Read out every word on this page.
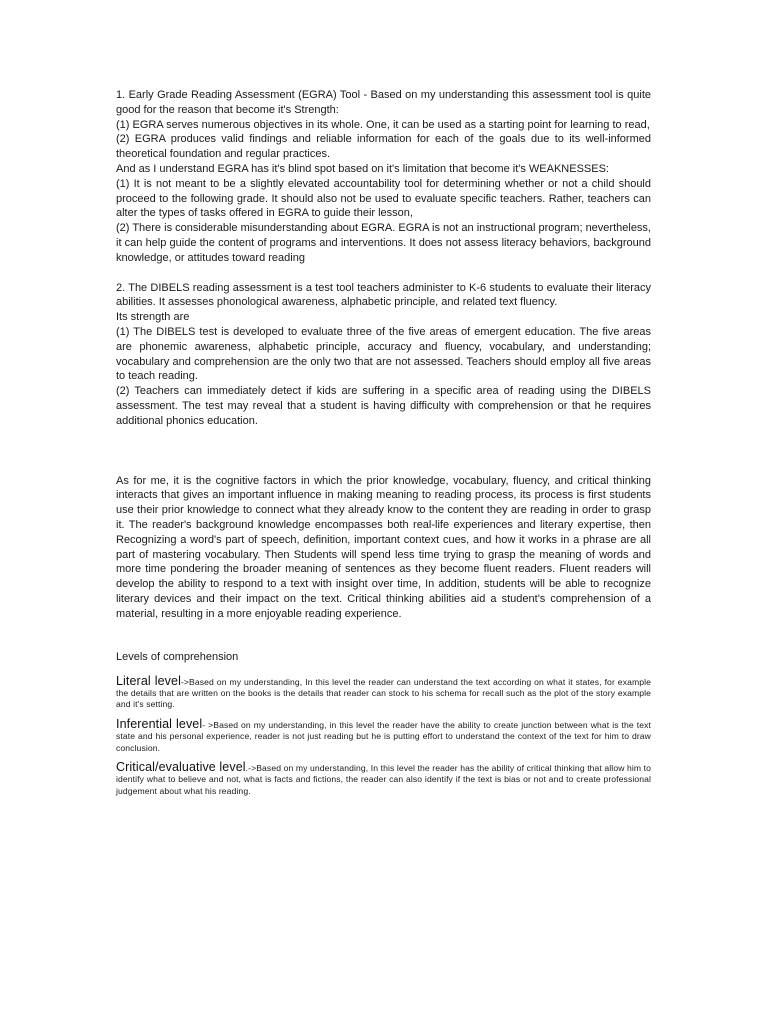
1. Early Grade Reading Assessment (EGRA) Tool - Based on my understanding this assessment tool is quite good for the reason that become it's Strength:

(1) EGRA serves numerous objectives in its whole. One, it can be used as a starting point for learning to read,

(2) EGRA produces valid findings and reliable information for each of the goals due to its well-informed theoretical foundation and regular practices.

And as I understand EGRA has it's blind spot based on it's limitation that become it's WEAKNESSES:

(1) It is not meant to be a slightly elevated accountability tool for determining whether or not a child should proceed to the following grade. It should also not be used to evaluate specific teachers. Rather, teachers can alter the types of tasks offered in EGRA to guide their lesson,

(2) There is considerable misunderstanding about EGRA. EGRA is not an instructional program; nevertheless, it can help guide the content of programs and interventions. It does not assess literacy behaviors, background knowledge, or attitudes toward reading

2. The DIBELS reading assessment is a test tool teachers administer to K-6 students to evaluate their literacy abilities. It assesses phonological awareness, alphabetic principle, and related text fluency.

Its strength are

(1) The DIBELS test is developed to evaluate three of the five areas of emergent education. The five areas are phonemic awareness, alphabetic principle, accuracy and fluency, vocabulary, and understanding; vocabulary and comprehension are the only two that are not assessed. Teachers should employ all five areas to teach reading.

(2) Teachers can immediately detect if kids are suffering in a specific area of reading using the DIBELS assessment. The test may reveal that a student is having difficulty with comprehension or that he requires additional phonics education.

As for me, it is the cognitive factors in which the prior knowledge, vocabulary, fluency, and critical thinking interacts that gives an important influence in making meaning to reading process, its process is first students use their prior knowledge to connect what they already know to the content they are reading in order to grasp it. The reader's background knowledge encompasses both real-life experiences and literary expertise, then Recognizing a word's part of speech, definition, important context cues, and how it works in a phrase are all part of mastering vocabulary. Then Students will spend less time trying to grasp the meaning of words and more time pondering the broader meaning of sentences as they become fluent readers. Fluent readers will develop the ability to respond to a text with insight over time, In addition, students will be able to recognize literary devices and their impact on the text. Critical thinking abilities aid a student's comprehension of a material, resulting in a more enjoyable reading experience.

Levels of comprehension
Literal level->Based on my understanding, In this level the reader can understand the text according on what it states, for example the details that are written on the books is the details that reader can stock to his schema for recall such as the plot of the story example and it's setting.
Inferential level- >Based on my understanding, in this level the reader have the ability to create junction between what is the text state and his personal experience, reader is not just reading but he is putting effort to understand the context of the text for him to draw conclusion.
Critical/evaluative level.->Based on my understanding, In this level the reader has the ability of critical thinking that allow him to identify what to believe and not, what is facts and fictions, the reader can also identify if the text is bias or not and to create professional judgement about what his reading.
